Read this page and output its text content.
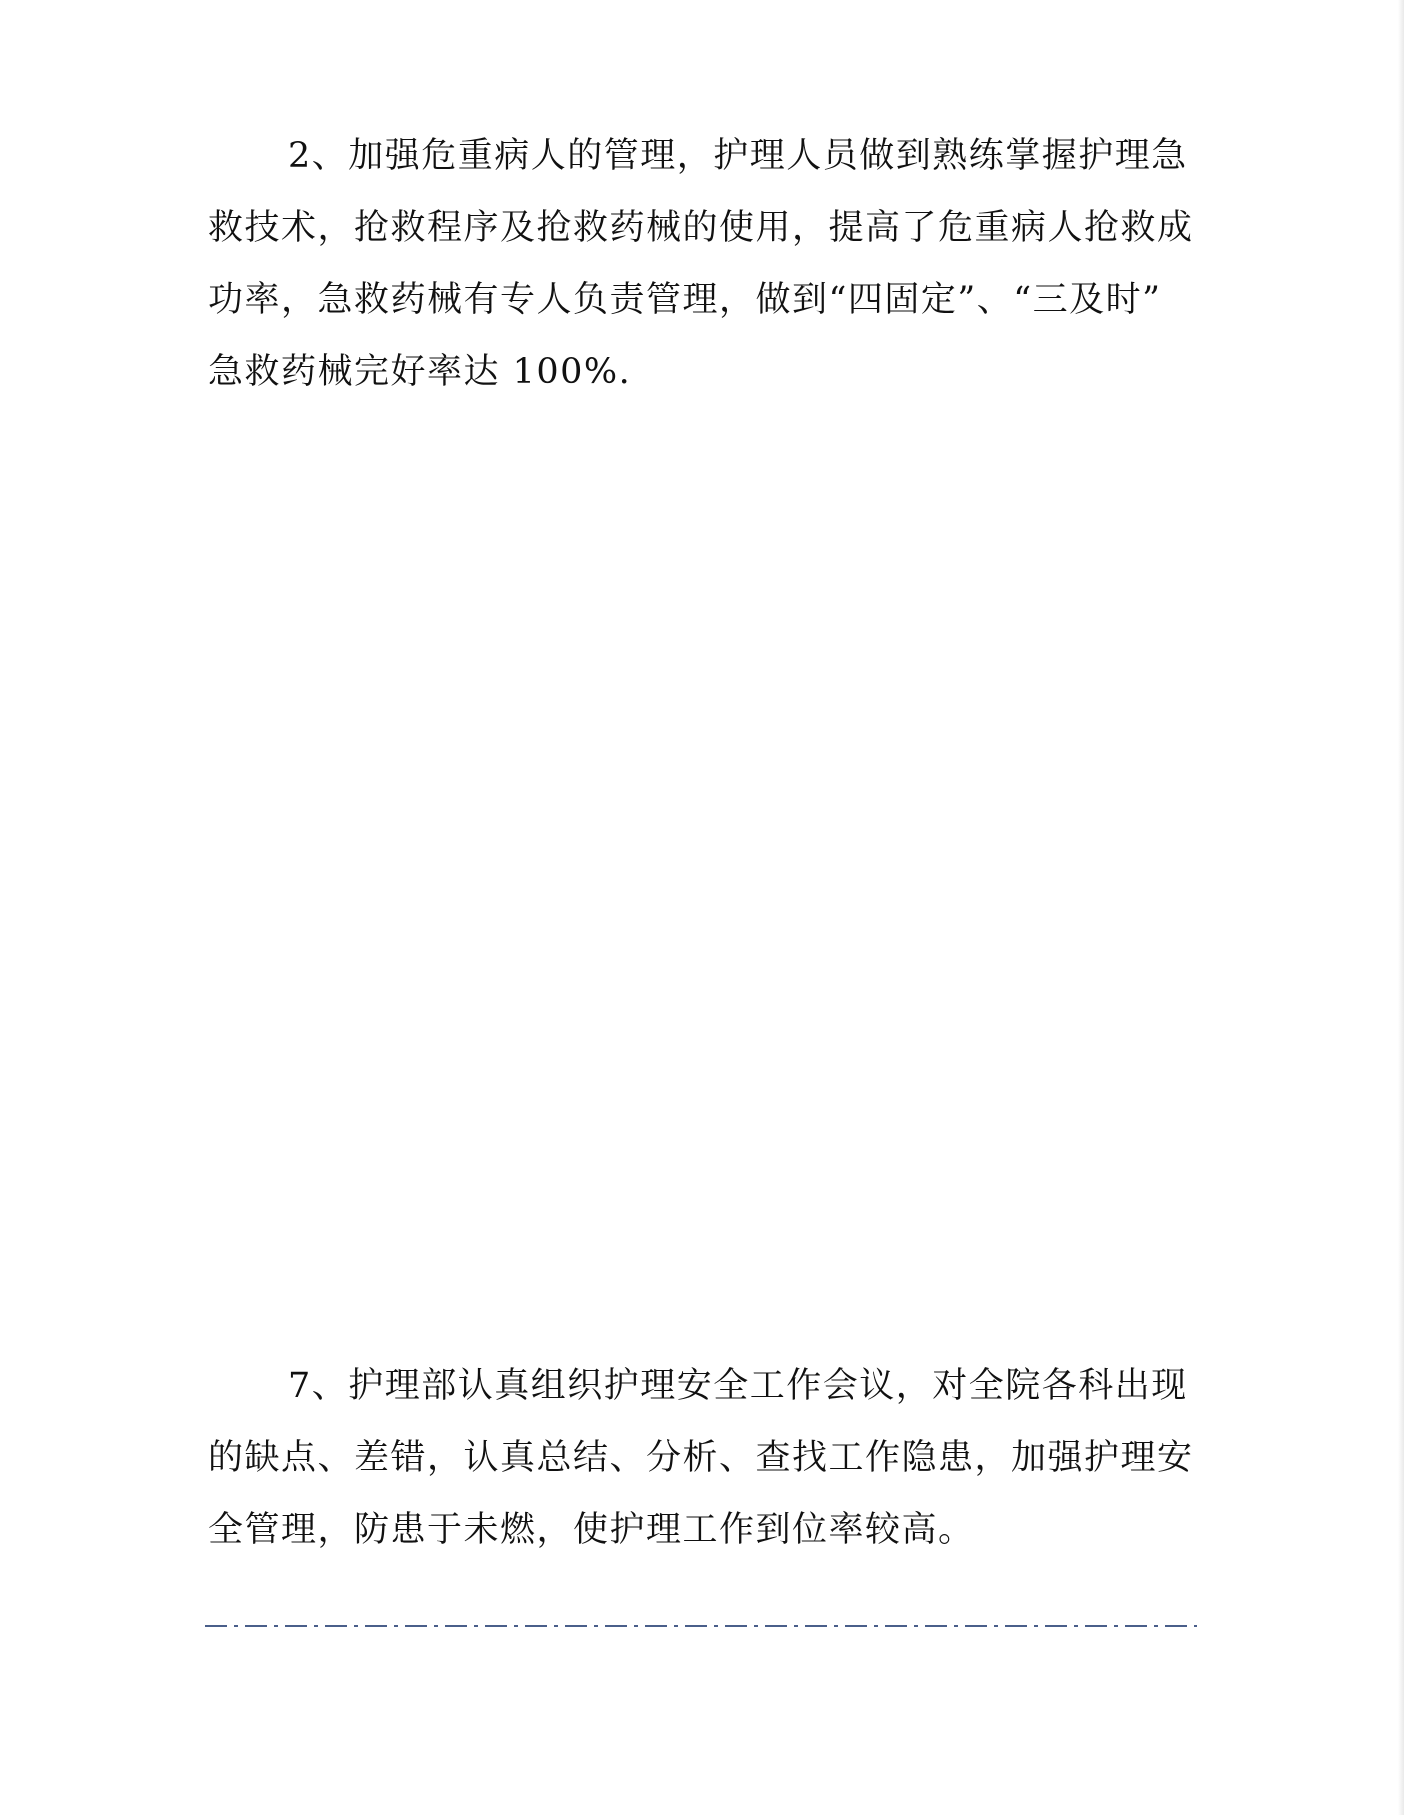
2、加强危重病人的管理，护理人员做到熟练掌握护理急
救技术，抢救程序及抢救药械的使用，提高了危重病人抢救成
功率，急救药械有专人负责管理，做到“四固定”、“三及时”
急救药械完好率达 100%.
7、护理部认真组织护理安全工作会议，对全院各科出现
的缺点、差错，认真总结、分析、查找工作隐患，加强护理安
全管理，防患于未燃，使护理工作到位率较高。
